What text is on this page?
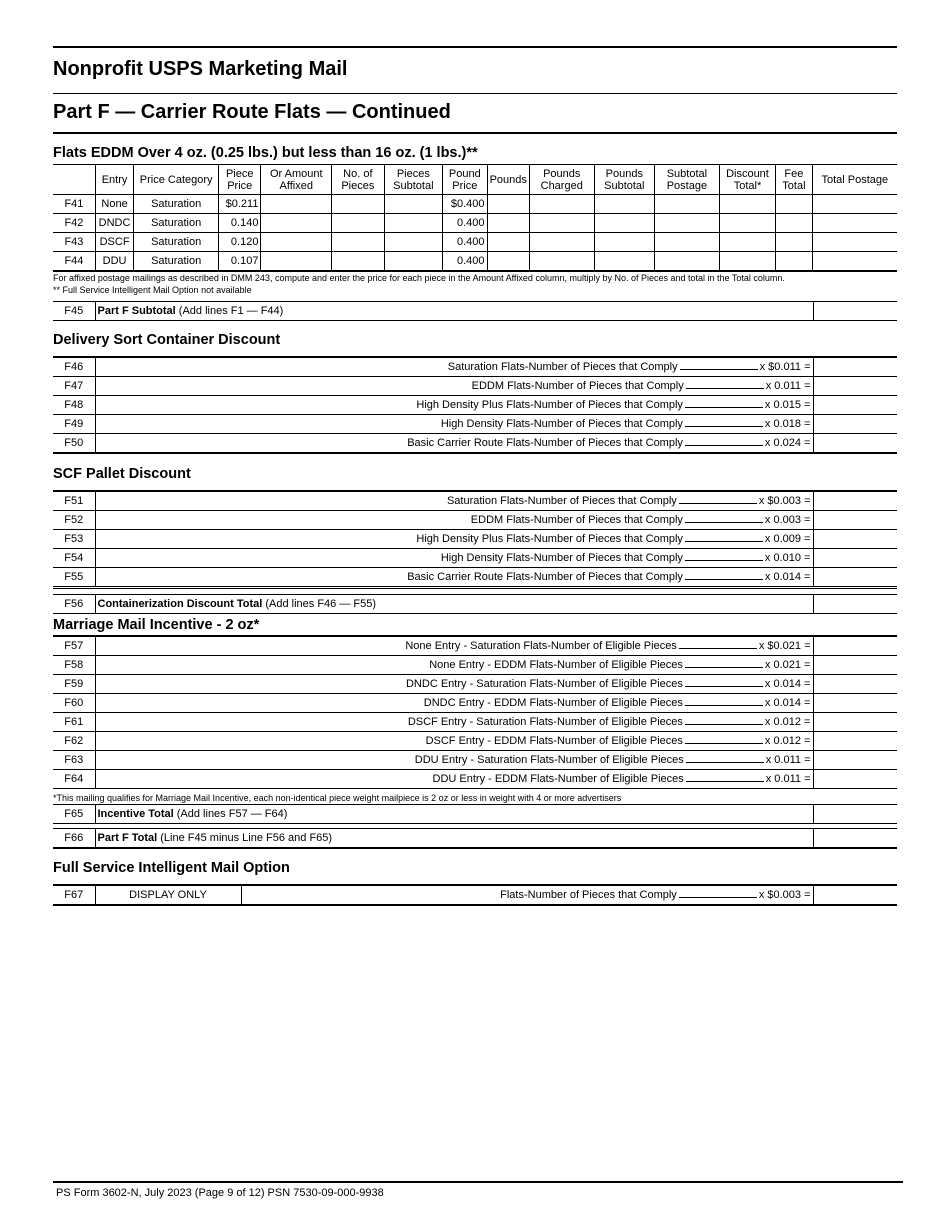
Nonprofit USPS Marketing Mail
Part F — Carrier Route Flats — Continued
Flats EDDM Over 4 oz. (0.25 lbs.) but less than 16 oz. (1 lbs.)**
	Entry	Price Category	Piece Price	Or Amount Affixed	No. of Pieces	Pieces Subtotal	Pound Price	Pounds	Pounds Charged	Pounds Subtotal	Subtotal Postage	Discount Total*	Fee Total	Total Postage
F41	None	Saturation	$0.211				$0.400							
F42	DNDC	Saturation	0.140				0.400							
F43	DSCF	Saturation	0.120				0.400							
F44	DDU	Saturation	0.107				0.400							
For affixed postage mailings as described in DMM 243, compute and enter the price for each piece in the Amount Affixed column, multiply by No. of Pieces and total in the Total column.
** Full Service Intelligent Mail Option not available
F45	Part F Subtotal (Add lines F1 — F44)	
Delivery Sort Container Discount
F46	Saturation Flats-Number of Pieces that Comply x $0.011 =	
F47	EDDM Flats-Number of Pieces that Comply x 0.011 =	
F48	High Density Plus Flats-Number of Pieces that Comply x 0.015 =	
F49	High Density Flats-Number of Pieces that Comply x 0.018 =	
F50	Basic Carrier Route Flats-Number of Pieces that Comply x 0.024 =	
SCF Pallet Discount
F51	Saturation Flats-Number of Pieces that Comply x $0.003 =	
F52	EDDM Flats-Number of Pieces that Comply x 0.003 =	
F53	High Density Plus Flats-Number of Pieces that Comply x 0.009 =	
F54	High Density Flats-Number of Pieces that Comply x 0.010 =	
F55	Basic Carrier Route Flats-Number of Pieces that Comply x 0.014 =	
F56	Containerization Discount Total (Add lines F46 — F55)	
Marriage Mail Incentive - 2 oz*
F57	None Entry - Saturation Flats-Number of Eligible Pieces x $0.021 =	
F58	None Entry - EDDM Flats-Number of Eligible Pieces x 0.021 =	
F59	DNDC Entry - Saturation Flats-Number of Eligible Pieces x 0.014 =	
F60	DNDC Entry - EDDM Flats-Number of Eligible Pieces x 0.014 =	
F61	DSCF Entry - Saturation Flats-Number of Eligible Pieces x 0.012 =	
F62	DSCF Entry - EDDM Flats-Number of Eligible Pieces x 0.012 =	
F63	DDU Entry - Saturation Flats-Number of Eligible Pieces x 0.011 =	
F64	DDU Entry - EDDM Flats-Number of Eligible Pieces x 0.011 =	
*This mailing qualifies for Marriage Mail Incentive, each non-identical piece weight mailpiece is 2 oz or less in weight with 4 or more advertisers
F65	Incentive Total (Add lines F57 — F64)	
F66	Part F Total (Line F45 minus Line F56 and F65)	
Full Service Intelligent Mail Option
F67	DISPLAY ONLY	Flats-Number of Pieces that Comply	x $0.003 =	
PS Form 3602-N, July 2023 (Page 9 of 12) PSN 7530-09-000-9938
